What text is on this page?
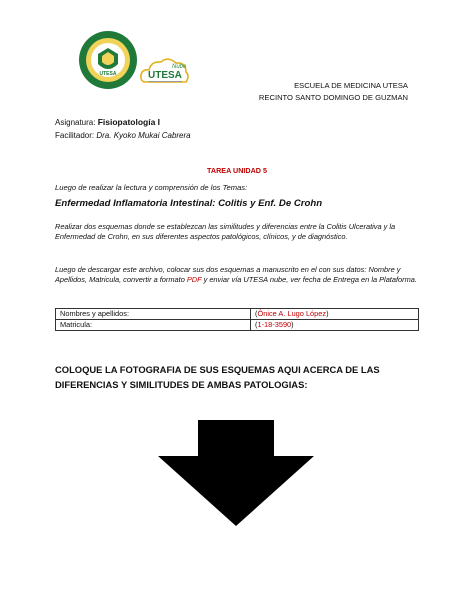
UTESA
Nube
UTESA
ESCUELA DE MEDICINA UTESA
RECINTO SANTO DOMINGO DE GUZMAN
Asignatura: Fisiopatología I
Facilitador: Dra. Kyoko Mukai Cabrera
TAREA UNIDAD 5
Luego de realizar la lectura y comprensión de los Temas:
Enfermedad Inflamatoria Intestinal: Colitis y Enf. De Crohn
Realizar dos esquemas donde se establezcan las similitudes y diferencias entre la Colitis Ulcerativa y la Enfermedad de Crohn, en sus diferentes aspectos patológicos, clínicos, y de diagnóstico.
Luego de descargar este archivo, colocar sus dos esquemas a manuscrito en el con sus datos: Nombre y Apellidos, Matricula, convertir a formato PDF y enviar vía UTESA nube, ver fecha de Entrega en la Plataforma.
Nombres y apellidos:	(Ônice A. Lugo López)
Matricula:	(1-18-3590)
COLOQUE LA FOTOGRAFIA DE SUS ESQUEMAS AQUI ACERCA DE LAS DIFERENCIAS Y SIMILITUDES DE AMBAS PATOLOGIAS:
